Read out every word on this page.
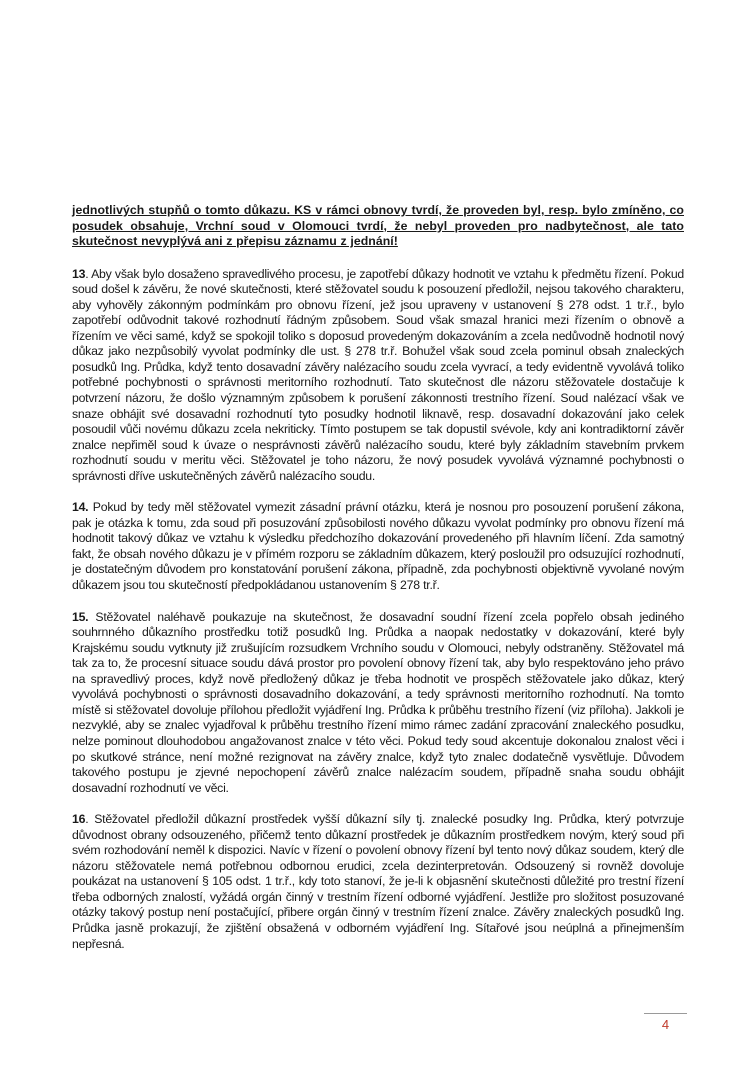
jednotlivých stupňů o tomto důkazu. KS v rámci obnovy tvrdí, že proveden byl, resp. bylo zmíněno, co posudek obsahuje, Vrchní soud v Olomouci tvrdí, že nebyl proveden pro nadbytečnost, ale tato skutečnost nevyplývá ani z přepisu záznamu z jednání!

13. Aby však bylo dosaženo spravedlivého procesu, je zapotřebí důkazy hodnotit ve vztahu k předmětu řízení. Pokud soud došel k závěru, že nové skutečnosti, které stěžovatel soudu k posouzení předložil, nejsou takového charakteru, aby vyhověly zákonným podmínkám pro obnovu řízení, jež jsou upraveny v ustanovení § 278 odst. 1 tr.ř., bylo zapotřebí odůvodnit takové rozhodnutí řádným způsobem. Soud však smazal hranici mezi řízením o obnově a řízením ve věci samé, když se spokojil toliko s doposud provedeným dokazováním a zcela nedůvodně hodnotil nový důkaz jako nezpůsobilý vyvolat podmínky dle ust. § 278 tr.ř. Bohužel však soud zcela pominul obsah znaleckých posudků Ing. Průdka, když tento dosavadní závěry nalézacího soudu zcela vyvrací, a tedy evidentně vyvolává toliko potřebné pochybnosti o správnosti meritorního rozhodnutí. Tato skutečnost dle názoru stěžovatele dostačuje k potvrzení názoru, že došlo významným způsobem k porušení zákonnosti trestního řízení. Soud nalézací však ve snaze obhájit své dosavadní rozhodnutí tyto posudky hodnotil liknavě, resp. dosavadní dokazování jako celek posoudil vůči novému důkazu zcela nekriticky. Tímto postupem se tak dopustil svévole, kdy ani kontradiktorní závěr znalce nepřiměl soud k úvaze o nesprávnosti závěrů nalézacího soudu, které byly základním stavebním prvkem rozhodnutí soudu v meritu věci. Stěžovatel je toho názoru, že nový posudek vyvolává významné pochybnosti o správnosti dříve uskutečněných závěrů nalézacího soudu.

14. Pokud by tedy měl stěžovatel vymezit zásadní právní otázku, která je nosnou pro posouzení porušení zákona, pak je otázka k tomu, zda soud při posuzování způsobilosti nového důkazu vyvolat podmínky pro obnovu řízení má hodnotit takový důkaz ve vztahu k výsledku předchozího dokazování provedeného při hlavním líčení. Zda samotný fakt, že obsah nového důkazu je v přímém rozporu se základním důkazem, který posloužil pro odsuzující rozhodnutí, je dostatečným důvodem pro konstatování porušení zákona, případně, zda pochybnosti objektivně vyvolané novým důkazem jsou tou skutečností předpokládanou ustanovením § 278 tr.ř.

15. Stěžovatel naléhavě poukazuje na skutečnost, že dosavadní soudní řízení zcela popřelo obsah jediného souhrnného důkazního prostředku totiž posudků Ing. Průdka a naopak nedostatky v dokazování, které byly Krajskému soudu vytknuty již zrušujícím rozsudkem Vrchního soudu v Olomouci, nebyly odstraněny. Stěžovatel má tak za to, že procesní situace soudu dává prostor pro povolení obnovy řízení tak, aby bylo respektováno jeho právo na spravedlivý proces, když nově předložený důkaz je třeba hodnotit ve prospěch stěžovatele jako důkaz, který vyvolává pochybnosti o správnosti dosavadního dokazování, a tedy správnosti meritorního rozhodnutí. Na tomto místě si stěžovatel dovoluje přílohou předložit vyjádření Ing. Průdka k průběhu trestního řízení (viz příloha). Jakkoli je nezvyklé, aby se znalec vyjadřoval k průběhu trestního řízení mimo rámec zadání zpracování znaleckého posudku, nelze pominout dlouhodobou angažovanost znalce v této věci. Pokud tedy soud akcentuje dokonalou znalost věci i po skutkové stránce, není možné rezignovat na závěry znalce, když tyto znalec dodatečně vysvětluje. Důvodem takového postupu je zjevné nepochopení závěrů znalce nalézacím soudem, případně snaha soudu obhájit dosavadní rozhodnutí ve věci.

16. Stěžovatel předložil důkazní prostředek vyšší důkazní síly tj. znalecké posudky Ing. Průdka, který potvrzuje důvodnost obrany odsouzeného, přičemž tento důkazní prostředek je důkazním prostředkem novým, který soud při svém rozhodování neměl k dispozici. Navíc v řízení o povolení obnovy řízení byl tento nový důkaz soudem, který dle názoru stěžovatele nemá potřebnou odbornou erudici, zcela dezinterpretován. Odsouzený si rovněž dovoluje poukázat na ustanovení § 105 odst. 1 tr.ř., kdy toto stanoví, že je-li k objasnění skutečnosti důležité pro trestní řízení třeba odborných znalostí, vyžádá orgán činný v trestním řízení odborné vyjádření. Jestliže pro složitost posuzované otázky takový postup není postačující, přibere orgán činný v trestním řízení znalce. Závěry znaleckých posudků Ing. Průdka jasně prokazují, že zjištění obsažená v odborném vyjádření Ing. Sítařové jsou neúplná a přinejmenším nepřesná.

4
